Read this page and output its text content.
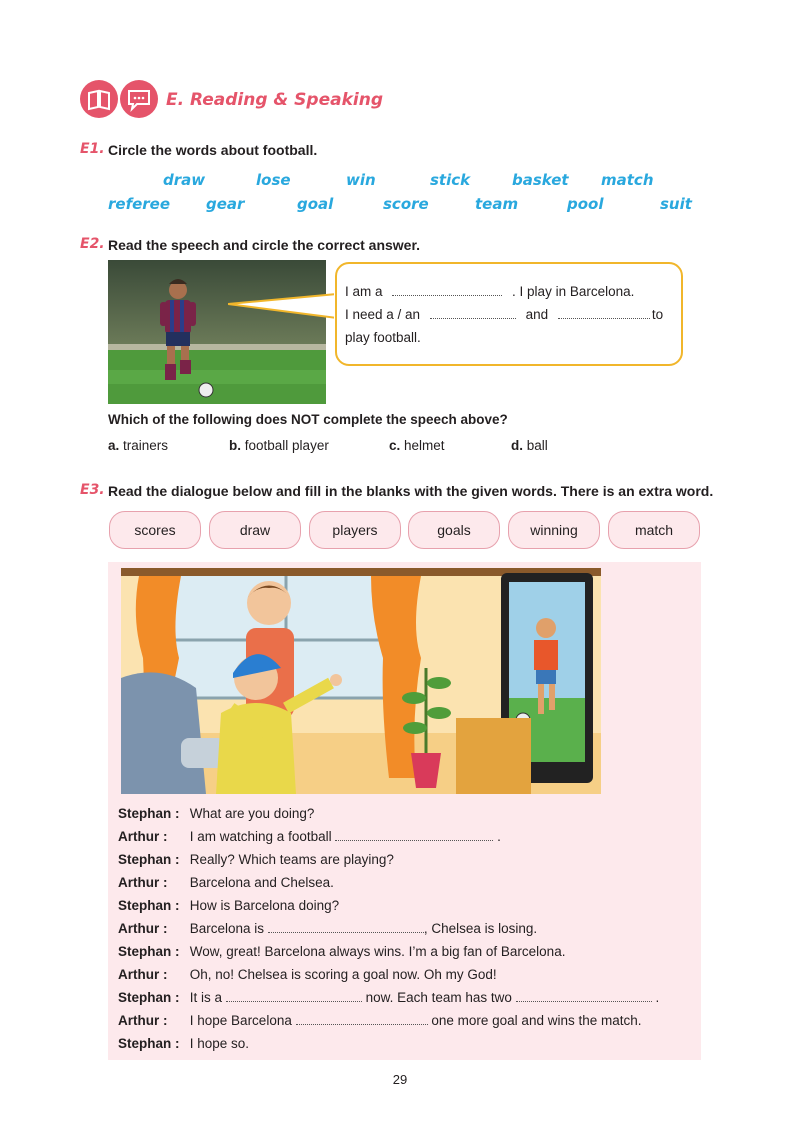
E. Reading & Speaking
E1. Circle the words about football.
draw	lose	win	stick	basket match
referee gear	goal	score	team	pool	suit
E2. Read the speech and circle the correct answer.
I am a	. I play in Barcelona.
I need a / an	and	to
play football.
Which of the following does NOT complete the speech above?
a. trainers	b. football player	c. helmet	d. ball
E3. Read the dialogue below and fill in the blanks with the given words. There is an extra word.
scores	draw	players	goals	winning	match
Stephan : What are you doing?
Arthur : I am watching a football	.
Stephan : Really? Which teams are playing?
Arthur : Barcelona and Chelsea.
Stephan : How is Barcelona doing?
Arthur : Barcelona is	, Chelsea is losing.
Stephan : Wow, great! Barcelona always wins. I’m a big fan of Barcelona.
Arthur : Oh, no! Chelsea is scoring a goal now. Oh my God!
Stephan : It is a	now. Each team has two	.
Arthur : I hope Barcelona	one more goal and wins the match.
Stephan : I hope so.
29
